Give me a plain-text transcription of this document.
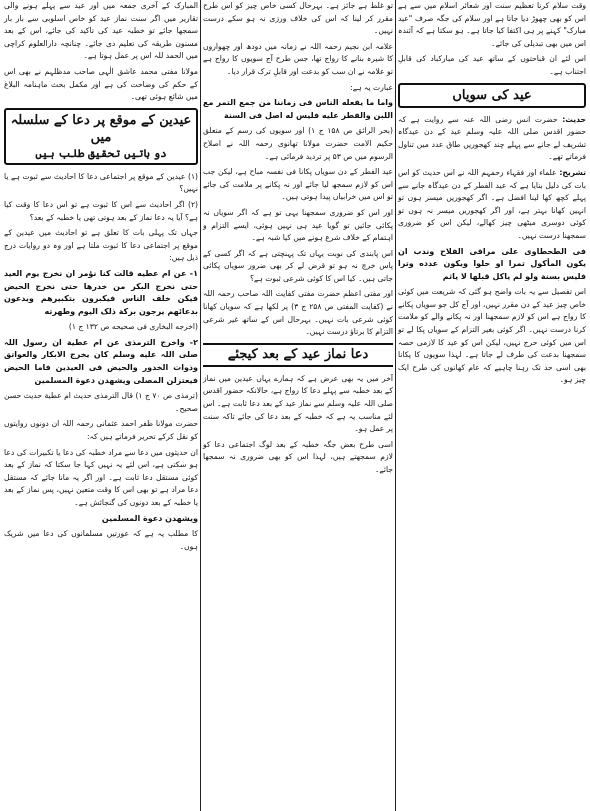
وقت سلام کرنا تعظیم سنت اور شعائر اسلام میں سے ہے اس کو بھی چھوڑ دیا جاتا ہے اور سلام کی جگہ صرف "عید مبارک" کہنے پر ہی اکتفا کیا جاتا ہے۔ ہو سکتا ہے کہ آئندہ اس میں بھی تبدیلی کی جائے۔

اس لئے ان قباحتوں کے ساتھ عید کی مبارکباد کی قابلِ اجتناب ہے۔

عید کی سویاں

حدیث: حضرت انس رضی اللہ عنہ سے روایت ہے کہ حضور اقدس صلی اللہ علیہ وسلم عید کے دن عیدگاہ تشریف لے جانے سے پہلے چند کھجوریں طاق عدد میں تناول فرماتے تھے۔

تشریح: علماء اور فقہاء رحمہم اللہ نے اس حدیث کو اس بات کی دلیل بنایا ہے کہ عید الفطر کے دن عیدگاہ جانے سے پہلے کچھ کھا لینا افضل ہے۔ اگر کھجوریں میسر ہوں تو انہیں کھانا بہتر ہے، اور اگر کھجوریں میسر نہ ہوں تو کوئی دوسری میٹھی چیز کھالے، لیکن اس کو ضروری سمجھنا درست نہیں۔

فی الطحطاوی علی مراقی الفلاح وندب ان یکون المأکول تمرا او حلوا ویکون عدده وترا فلیس بسنة ولو لم یاکل قبلها لا یاثم

اس تفصیل سے یہ بات واضح ہو گئی کہ شریعت میں کوئی خاص چیز عید کے دن مقرر نہیں، اور آج کل جو سویاں پکانے کا رواج ہے اس کو لازم سمجھنا اور نہ پکانے والے کو ملامت کرنا درست نہیں۔ اگر کوئی بغیر التزام کے سویاں پکا لے تو اس میں کوئی حرج نہیں، لیکن اس کو عید کا لازمی حصہ سمجھنا بدعت کی طرف لے جاتا ہے۔ لہذا سویوں کا پکانا بھی اسی حد تک رہنا چاہیے کہ عام کھانوں کی طرح ایک چیز ہو۔

تو غلط ہے جائز ہے۔ بہرحال کسی خاص چیز کو اس طرح مقرر کر لینا کہ اس کی خلاف ورزی نہ ہو سکے درست نہیں۔

علامہ ابن نجیم رحمہ اللہ نے زمانہ میں دودھ اور چھواروں کا شیرہ بنانے کا رواج تھا، جس طرح آج سویوں کا رواج ہے تو علامہ نے ان سب کو بدعت اور قابلِ ترک قرار دیا۔

عبارت یہ ہے:

واما ما یفعله الناس فی زماننا من جمع التمر مع اللبن والفطر علیه فلیس له اصل فی السنة

(بحر الرائق ص ۱۵۸ ج ۱) اور سویوں کی رسم کے متعلق حکیم الامت حضرت مولانا تھانوی رحمہ اللہ نے اصلاح الرسوم میں ص ۵۳ پر تردید فرمائی ہے۔

عید الفطر کے دن سویاں پکانا فی نفسہ مباح ہے، لیکن جب اس کو لازم سمجھ لیا جائے اور نہ پکانے پر ملامت کی جائے تو اس میں خرابیاں پیدا ہوتی ہیں۔

اور اس کو ضروری سمجھنا یہی تو ہے کہ اگر سویاں نہ پکائی جائیں تو گویا عید ہی نہیں ہوئی، ایسے التزام و اہتمام کے خلاف شرع ہونے میں کیا شبہ ہے۔

اس پابندی کی نوبت یہاں تک پہنچتی ہے کہ اگر کسی کے پاس خرچ نہ ہو تو قرض لے کر بھی ضرور سویاں پکائی جاتی ہیں۔ کیا اس کا کوئی شرعی ثبوت ہے؟

اور مفتی اعظم حضرت مفتی کفایت اللہ صاحب رحمہ اللہ نے (کفایت المفتی ص ۲۵۸ ج ۳) پر لکھا ہے کہ سویاں کھانا کوئی شرعی بات نہیں۔ بہرحال اس کے ساتھ غیر شرعی التزام کا برتاؤ درست نہیں۔

دعا نماز عید کے بعد کیجئے

آخر میں یہ بھی عرض ہے کہ ہمارے یہاں عیدین میں نماز کے بعد خطبہ سے پہلے دعا کا رواج ہے، حالانکہ حضور اقدس صلی اللہ علیہ وسلم سے نماز عید کے بعد دعا ثابت ہے۔ اس لئے مناسب یہ ہے کہ خطبہ کے بعد دعا کی جائے تاکہ سنت پر عمل ہو۔

اسی طرح بعض جگہ خطبہ کے بعد لوگ اجتماعی دعا کو لازم سمجھتے ہیں، لہذا اس کو بھی ضروری نہ سمجھا جائے۔

المبارک کے آخری جمعہ میں اور عید سے پہلے ہونے والی تقاریر میں اگر سنت نماز عید کو خاص اسلوبی سے بار بار سمجھا جائے تو خطبہ عید کی تاکید کی جائے، اس کے بعد مسنون طریقہ کی تعلیم دی جائے۔ چنانچہ دارالعلوم کراچی میں الحمد للہ اس پر عمل ہوتا ہے۔

مولانا مفتی محمد عاشق الٰہی صاحب مدظلہم نے بھی اس کے حکم کی وضاحت کی ہے اور مکمل بحث ماہنامہ البلاغ میں شائع ہوئی تھی۔

عیدین کے موقع پر دعا کے سلسلہ میں
دو باتیں تحقیق طلب ہیں

(۱) عیدین کے موقع پر اجتماعی دعا کا احادیث سے ثبوت ہے یا نہیں؟

(۲) اگر احادیث سے اس کا ثبوت ہے تو اس دعا کا وقت کیا ہے؟ آیا یہ دعا نماز کے بعد ہوتی تھی یا خطبہ کے بعد؟

جہاں تک پہلی بات کا تعلق ہے تو احادیث میں عیدین کے موقع پر اجتماعی دعا کا ثبوت ملتا ہے اور وہ دو روایات درج ذیل ہیں:

۱- عن ام عطیه قالت کنا نؤمر ان نخرج یوم العید حتی نخرج البکر من خدرها حتی نخرج الحیض فیکن خلف الناس فیکبرون بتکبیرهم ویدعون بدعائهم یرجون برکة ذلک الیوم وطهرته

(اخرجه البخاری فی صحیحه ص ۱۳۲ ج ۱)

۲- واخرج الترمذی عن ام عطیة ان رسول اللہ صلی اللہ علیه وسلم کان یخرج الابکار والعواتق وذوات الخدور والحیض فی العیدین فاما الحیض فیعتزلن المصلی ویشهدن دعوة المسلمین

(ترمذی ص ۷۰ ج ۱) قال الترمذی حدیث ام عطیة حدیث حسن صحیح۔

حضرت مولانا ظفر احمد عثمانی رحمہ اللہ ان دونوں روایتوں کو نقل کرکے تحریر فرماتے ہیں کہ:

ان حدیثوں میں دعا سے مراد خطبہ کی دعا یا تکبیرات کی دعا ہو سکتی ہے، اس لئے یہ نہیں کہا جا سکتا کہ نماز کے بعد کوئی مستقل دعا ثابت ہے۔ اور اگر یہ مانا جائے کہ مستقل دعا مراد ہے تو بھی اس کا وقت متعین نہیں، پس نماز کے بعد یا خطبہ کے بعد دونوں کی گنجائش ہے۔

ویشهدن دعوة المسلمین

کا مطلب یہ ہے کہ عورتیں مسلمانوں کی دعا میں شریک ہوں۔
